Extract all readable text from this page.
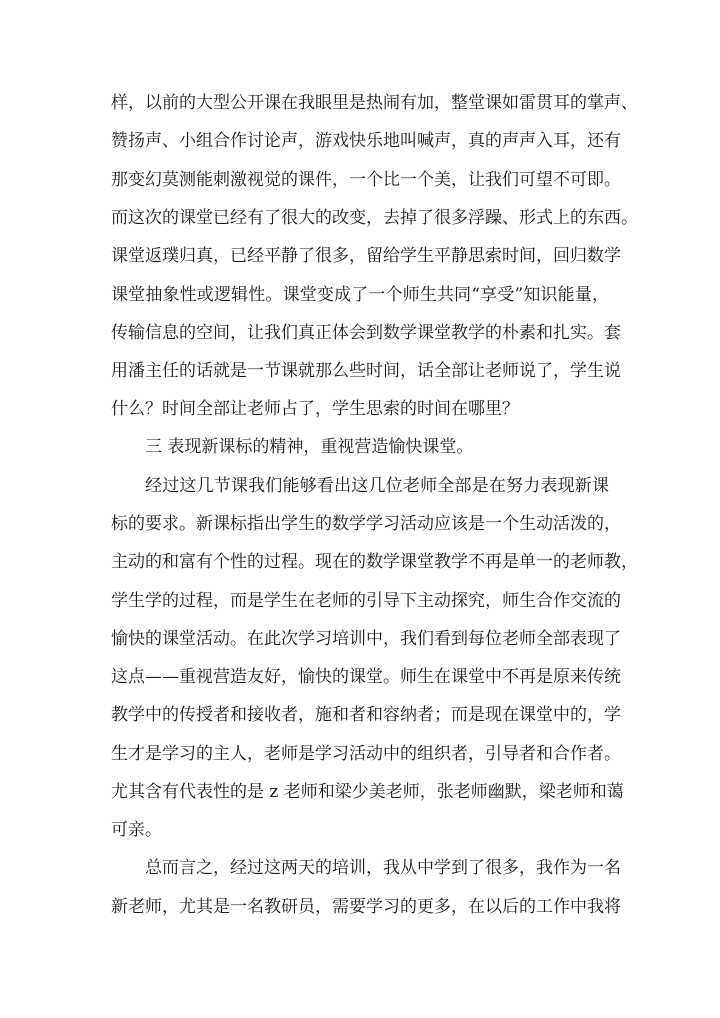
样，以前的大型公开课在我眼里是热闹有加，整堂课如雷贯耳的掌声、
赞扬声、小组合作讨论声，游戏快乐地叫喊声，真的声声入耳，还有
那变幻莫测能刺激视觉的课件，一个比一个美，让我们可望不可即。
而这次的课堂已经有了很大的改变，去掉了很多浮躁、形式上的东西。
课堂返璞归真，已经平静了很多，留给学生平静思索时间，回归数学
课堂抽象性或逻辑性。课堂变成了一个师生共同“享受”知识能量，
传输信息的空间，让我们真正体会到数学课堂教学的朴素和扎实。套
用潘主任的话就是一节课就那么些时间，话全部让老师说了，学生说
什么？时间全部让老师占了，学生思索的时间在哪里？
三 表现新课标的精神，重视营造愉快课堂。
经过这几节课我们能够看出这几位老师全部是在努力表现新课
标的要求。新课标指出学生的数学学习活动应该是一个生动活泼的，
主动的和富有个性的过程。现在的数学课堂教学不再是单一的老师教，
学生学的过程，而是学生在老师的引导下主动探究，师生合作交流的
愉快的课堂活动。在此次学习培训中，我们看到每位老师全部表现了
这点——重视营造友好，愉快的课堂。师生在课堂中不再是原来传统
教学中的传授者和接收者，施和者和容纳者；而是现在课堂中的，学
生才是学习的主人，老师是学习活动中的组织者，引导者和合作者。
尤其含有代表性的是 z 老师和梁少美老师，张老师幽默，梁老师和蔼
可亲。
总而言之，经过这两天的培训，我从中学到了很多，我作为一名
新老师，尤其是一名教研员，需要学习的更多，在以后的工作中我将
